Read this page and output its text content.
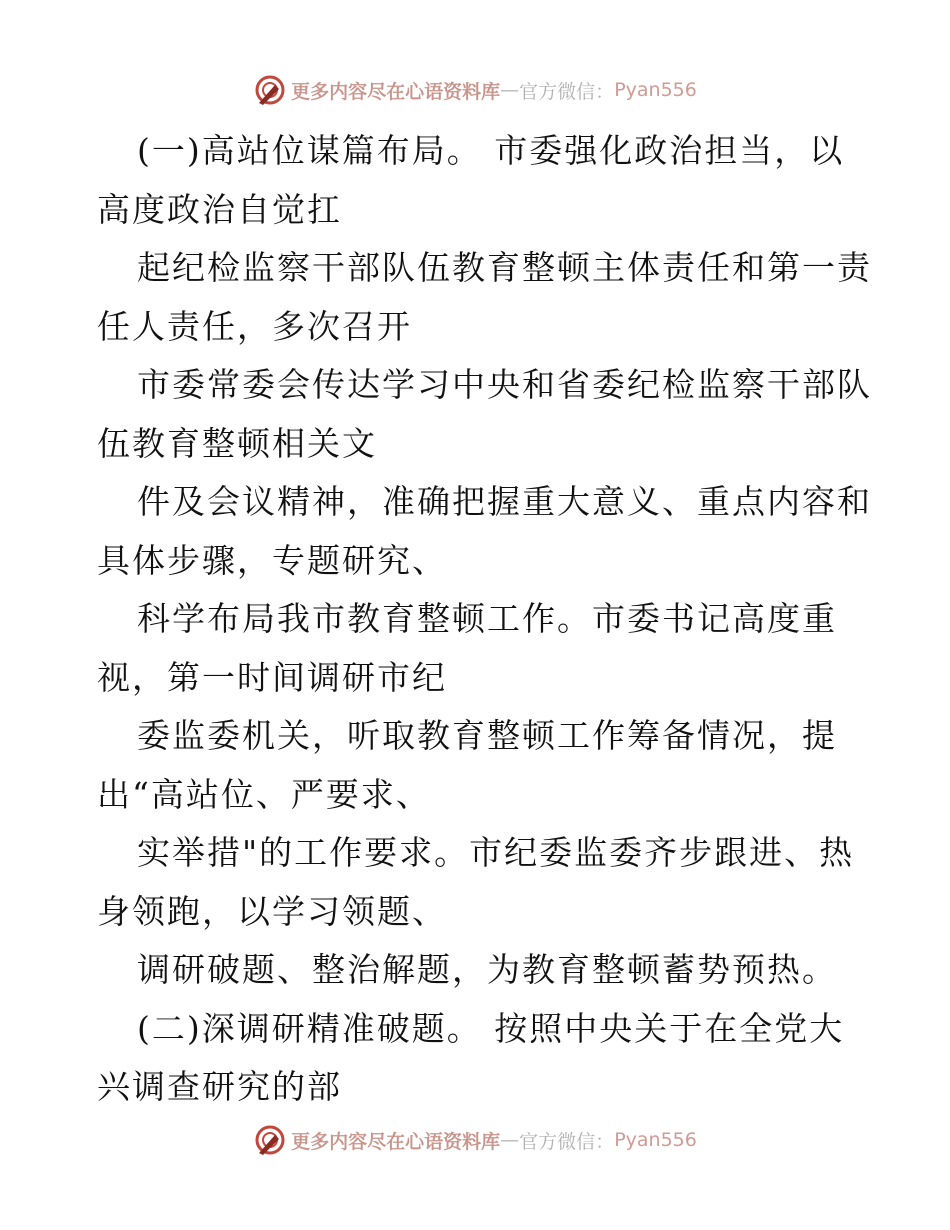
更多内容尽在心语资料库 — 官方微信： Pyan556
(一)高站位谋篇布局。 市委强化政治担当，以
高度政治自觉扛
起纪检监察干部队伍教育整顿主体责任和第一责
任人责任，多次召开
市委常委会传达学习中央和省委纪检监察干部队
伍教育整顿相关文
件及会议精神，准确把握重大意义、重点内容和
具体步骤，专题研究、
科学布局我市教育整顿工作。市委书记高度重
视，第一时间调研市纪
委监委机关，听取教育整顿工作筹备情况，提
出“高站位、严要求、
实举措"的工作要求。市纪委监委齐步跟进、热
身领跑，以学习领题、
调研破题、整治解题，为教育整顿蓄势预热。
(二)深调研精准破题。 按照中央关于在全党大
兴调查研究的部
更多内容尽在心语资料库 — 官方微信： Pyan556
